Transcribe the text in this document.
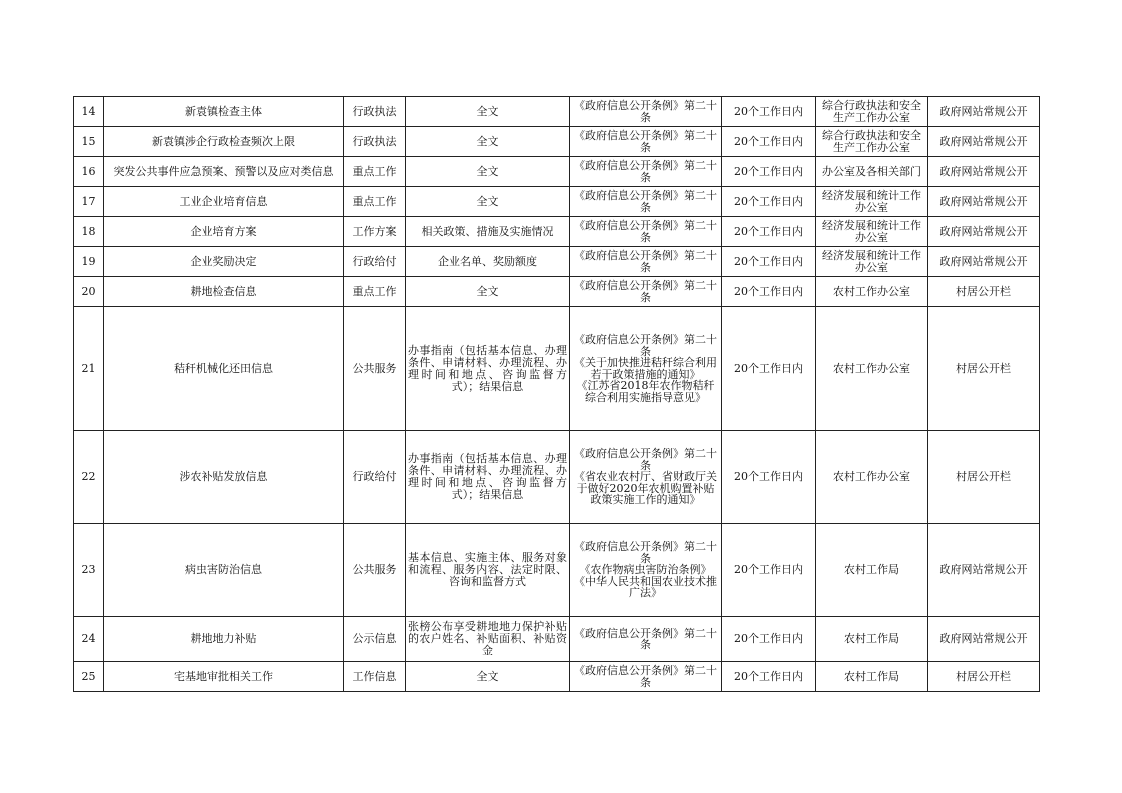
14	新袁镇检查主体	行政执法	全文	《政府信息公开条例》第二十条	20个工作日内	综合行政执法和安全生产工作办公室	政府网站常规公开
15	新袁镇涉企行政检查频次上限	行政执法	全文	《政府信息公开条例》第二十条	20个工作日内	综合行政执法和安全生产工作办公室	政府网站常规公开
16	突发公共事件应急预案、预警以及应对类信息	重点工作	全文	《政府信息公开条例》第二十条	20个工作日内	办公室及各相关部门	政府网站常规公开
17	工业企业培育信息	重点工作	全文	《政府信息公开条例》第二十条	20个工作日内	经济发展和统计工作办公室	政府网站常规公开
18	企业培育方案	工作方案	相关政策、措施及实施情况	《政府信息公开条例》第二十条	20个工作日内	经济发展和统计工作办公室	政府网站常规公开
19	企业奖励决定	行政给付	企业名单、奖励额度	《政府信息公开条例》第二十条	20个工作日内	经济发展和统计工作办公室	政府网站常规公开
20	耕地检查信息	重点工作	全文	《政府信息公开条例》第二十条	20个工作日内	农村工作办公室	村居公开栏
21	秸秆机械化还田信息	公共服务	办事指南（包括基本信息、办理条件、申请材料、办理流程、办理时间和地点、咨询监督方式）；结果信息	《政府信息公开条例》第二十条
《关于加快推进秸秆综合利用若干政策措施的通知》
《江苏省2018年农作物秸秆综合利用实施指导意见》	20个工作日内	农村工作办公室	村居公开栏
22	涉农补贴发放信息	行政给付	办事指南（包括基本信息、办理条件、申请材料、办理流程、办理时间和地点、咨询监督方式）；结果信息	《政府信息公开条例》第二十条
《省农业农村厅、省财政厅关于做好2020年农机购置补贴政策实施工作的通知》	20个工作日内	农村工作办公室	村居公开栏
23	病虫害防治信息	公共服务	基本信息、实施主体、服务对象和流程、服务内容、法定时限、咨询和监督方式	《政府信息公开条例》第二十条
《农作物病虫害防治条例》
《中华人民共和国农业技术推广法》	20个工作日内	农村工作局	政府网站常规公开
24	耕地地力补贴	公示信息	张榜公布享受耕地地力保护补贴的农户姓名、补贴面积、补贴资金	《政府信息公开条例》第二十条	20个工作日内	农村工作局	政府网站常规公开
25	宅基地审批相关工作	工作信息	全文	《政府信息公开条例》第二十条	20个工作日内	农村工作局	村居公开栏
